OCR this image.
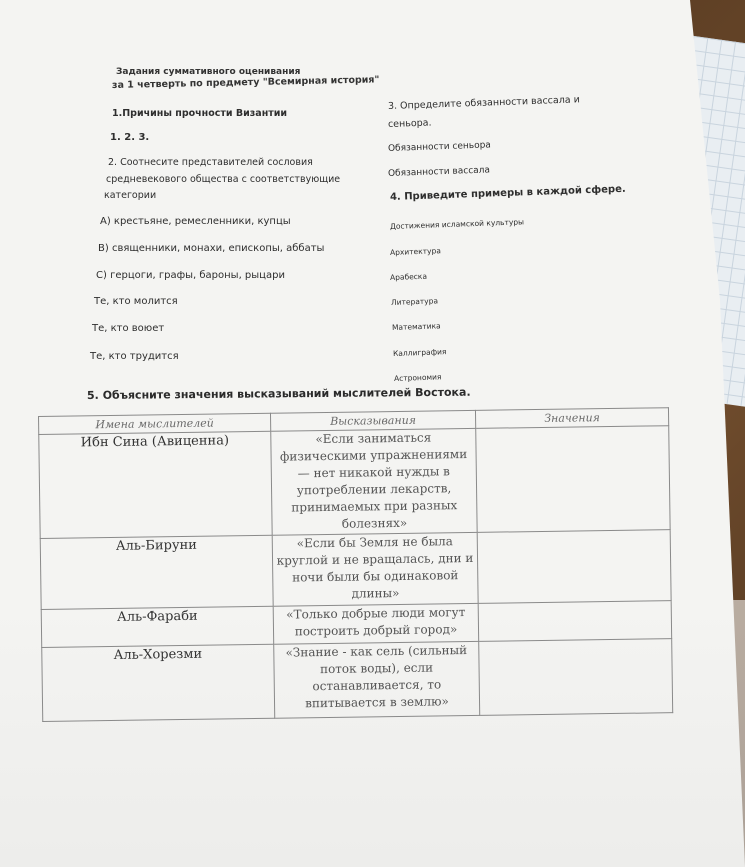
Задания суммативного оценивания
за 1 четверть по предмету "Всемирная история"
1.Причины прочности Византии
1. 2. 3.
2. Соотнесите представителей сословия
средневекового общества с соответствующие
категории
А) крестьяне, ремесленники, купцы
В) священники, монахи, епископы, аббаты
С) герцоги, графы, бароны, рыцари
Те, кто молится
Те, кто воюет
Те, кто трудится
3. Определите обязанности вассала и
сеньора.
Обязанности сеньора
Обязанности вассала
4. Приведите примеры в каждой сфере.
Достижения исламской культуры
Архитектура
Арабеска
Литература
Математика
Каллиграфия
Астрономия
5. Объясните значения высказываний мыслителей Востока.
Имена мыслителей	Высказывания	Значения
Ибн Сина (Авиценна)	«Если заниматься физическими упражнениями — нет никакой нужды в употреблении лекарств, принимаемых при разных болезнях»	
Аль-Бируни	«Если бы Земля не была круглой и не вращалась, дни и ночи были бы одинаковой длины»	
Аль-Фараби	«Только добрые люди могут построить добрый город»	
Аль-Хорезми	«Знание - как сель (сильный поток воды), если останавливается, то впитывается в землю»	
